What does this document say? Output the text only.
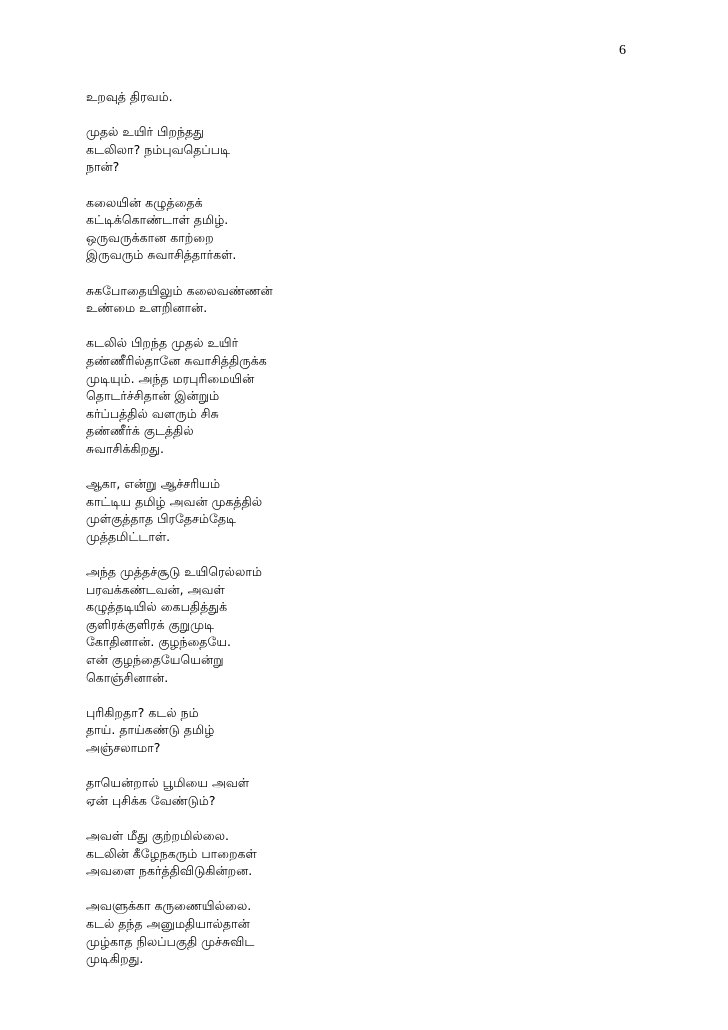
6
உறவுத் திரவம்.
முதல் உயிர் பிறந்தது
கடலிலா? நம்புவதெப்படி
நான்?
கலையின் கழுத்தைக்
கட்டிக்கொண்டாள் தமிழ்.
ஒருவருக்கான காற்றை
இருவரும் சுவாசித்தார்கள்.
சுகபோதையிலும் கலைவண்ணன்
உண்மை உளறினான்.
கடலில் பிறந்த முதல் உயிர்
தண்ணீரில்தானே சுவாசித்திருக்க
முடியும். அந்த மரபுரிமையின்
தொடர்ச்சிதான் இன்றும்
கர்ப்பத்தில் வளரும் சிசு
தண்ணீர்க் குடத்தில்
சுவாசிக்கிறது.
ஆகா, என்று ஆச்சரியம்
காட்டிய தமிழ் அவன் முகத்தில்
முள்குத்தாத பிரதேசம்தேடி
முத்தமிட்டாள்.
அந்த முத்தச்சூடு உயிரெல்லாம்
பரவக்கண்டவன், அவள்
கழுத்தடியில் கைபதித்துக்
குளிரக்குளிரக் குறுமுடி
கோதினான். குழந்தையே.
என் குழந்தையேயென்று
கொஞ்சினான்.
புரிகிறதா? கடல் நம்
தாய். தாய்கண்டு தமிழ்
அஞ்சலாமா?
தாயென்றால் பூமியை அவள்
ஏன் புசிக்க வேண்டும்?
அவள் மீது குற்றமில்லை.
கடலின் கீழேநகரும் பாறைகள்
அவளை நகர்த்திவிடுகின்றன.
அவளுக்கா கருணையில்லை.
கடல் தந்த அனுமதியால்தான்
முழ்காத நிலப்பகுதி முச்சுவிட
முடிகிறது.
